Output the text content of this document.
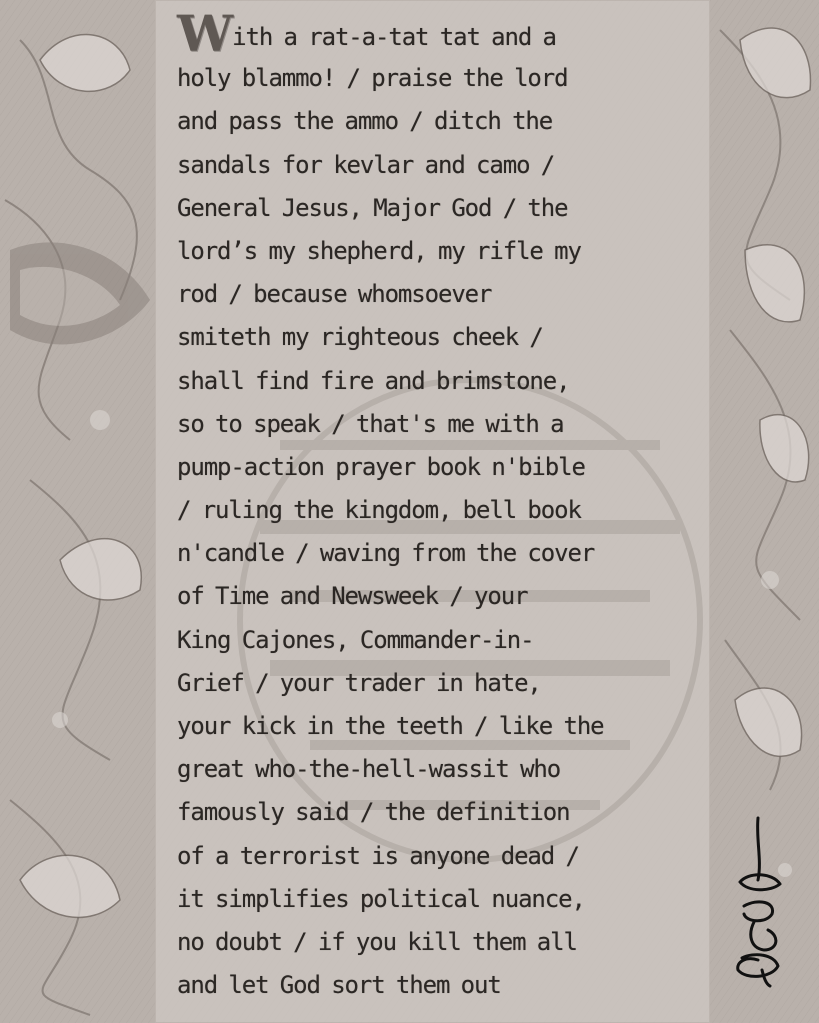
With a rat-a-tat tat and a
holy blammo! / praise the lord
and pass the ammo / ditch the
sandals for kevlar and camo /
General Jesus, Major God / the
lord’s my shepherd, my rifle my
rod / because whomsoever
smiteth my righteous cheek /
shall find fire and brimstone,
so to speak / that's me with a
pump-action prayer book n'bible
/ ruling the kingdom, bell book
n'candle / waving from the cover
of Time and Newsweek / your
King Cajones, Commander-in-
Grief / your trader in hate,
your kick in the teeth / like the
great who-the-hell-wassit who
famously said / the definition
of a terrorist is anyone dead /
it simplifies political nuance,
no doubt / if you kill them all
and let God sort them out
